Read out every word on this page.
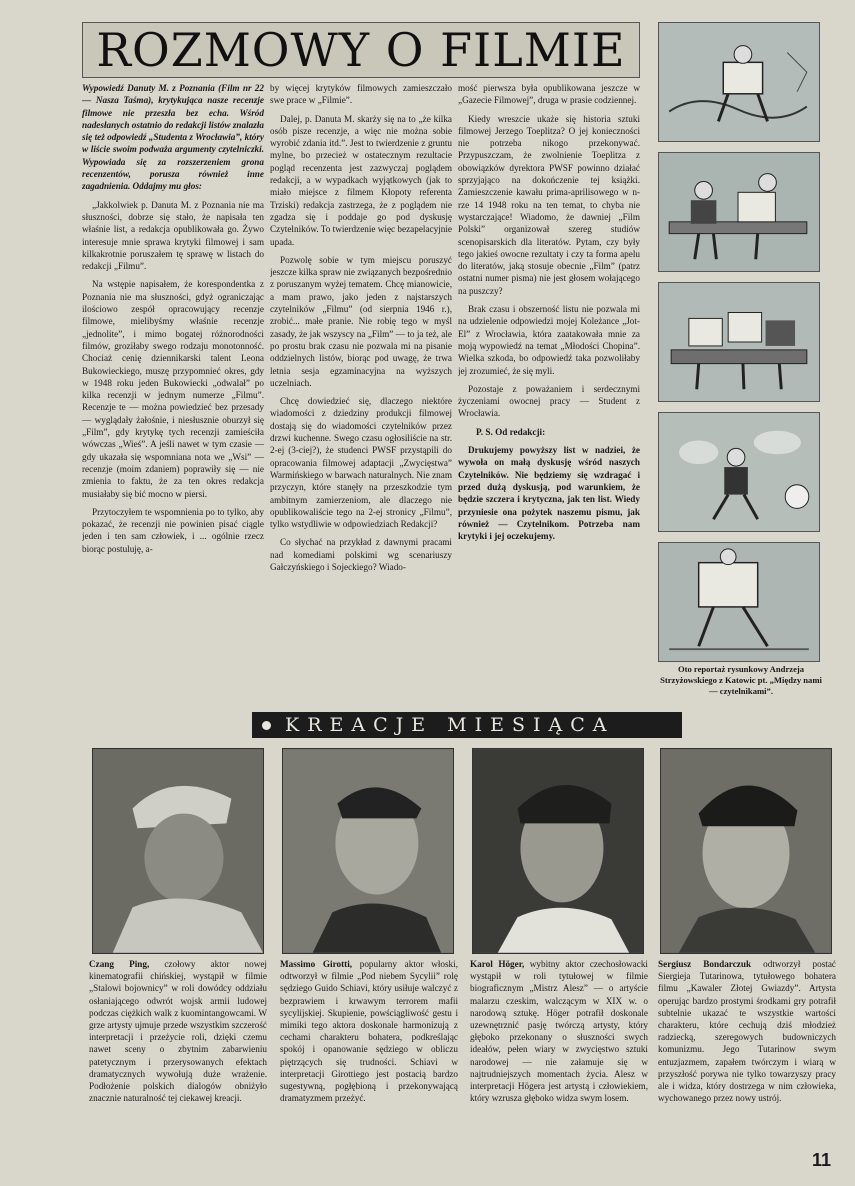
ROZMOWY O FILMIE

Wypowiedź Danuty M. z Poznania (Film nr 22 — Nasza Taśma), krytykująca nasze recenzje filmowe nie przeszła bez echa. Wśród nadesłanych ostatnio do redakcji listów znalazła się też odpowiedź „Studenta z Wrocławia”, który w liście swoim podważa argumenty czytelniczki. Wypowiada się za rozszerzeniem grona recenzentów, porusza również inne zagadnienia. Oddajmy mu głos:

„Jakkolwiek p. Danuta M. z Poznania nie ma słuszności, dobrze się stało, że napisała ten właśnie list, a redakcja opublikowała go. Żywo interesuje mnie sprawa krytyki filmowej i sam kilkakrotnie poruszałem tę sprawę w listach do redakcji „Filmu”.

Na wstępie napisałem, że korespondentka z Poznania nie ma słuszności, gdyż ograniczając ilościowo zespół opracowujący recenzje filmowe, mielibyśmy właśnie recenzje „jednolite”, i mimo bogatej różnorodności filmów, groziłaby swego rodzaju monotonność. Chociaż cenię dziennikarski talent Leona Bukowieckiego, muszę przypomnieć okres, gdy w 1948 roku jeden Bukowiecki „odwalał” po kilka recenzji w jednym numerze „Filmu”. Recenzje te — można powiedzieć bez przesady — wyglądały żałośnie, i niesłusznie oburzył się „Film”, gdy krytykę tych recenzji zamieściła wówczas „Wieś”. A jeśli nawet w tym czasie — gdy ukazała się wspomniana nota we „Wsi” — recenzje (moim zdaniem) poprawiły się — nie zmienia to faktu, że za ten okres redakcja musiałaby się bić mocno w piersi.

Przytoczyłem te wspomnienia po to tylko, aby pokazać, że recenzji nie powinien pisać ciągle jeden i ten sam człowiek, i ... ogólnie rzecz biorąc postuluję, a-

by więcej krytyków filmowych zamieszczało swe prace w „Filmie”.

Dalej, p. Danuta M. skarży się na to „że kilka osób pisze recenzje, a więc nie można sobie wyrobić zdania itd.”. Jest to twierdzenie z gruntu mylne, bo przecież w ostatecznym rezultacie pogląd recenzenta jest zazwyczaj poglądem redakcji, a w wypadkach wyjątkowych (jak to miało miejsce z filmem Kłopoty referenta Trziski) redakcja zastrzega, że z poglądem nie zgadza się i poddaje go pod dyskusję Czytelników. To twierdzenie więc bezapelacyjnie upada.

Pozwolę sobie w tym miejscu poruszyć jeszcze kilka spraw nie związanych bezpośrednio z poruszanym wyżej tematem. Chcę mianowicie, a mam prawo, jako jeden z najstarszych czytelników „Filmu” (od sierpnia 1946 r.), zrobić... małe pranie. Nie robię tego w myśl zasady, że jak wszyscy na „Film” — to ja też, ale po prostu brak czasu nie pozwala mi na pisanie oddzielnych listów, biorąc pod uwagę, że trwa letnia sesja egzaminacyjna na wyższych uczelniach.

Chcę dowiedzieć się, dlaczego niektóre wiadomości z dziedziny produkcji filmowej dostają się do wiadomości czytelników przez drzwi kuchenne. Swego czasu ogłosiliście na str. 2-ej (3-ciej?), że studenci PWSF przystąpili do opracowania filmowej adaptacji „Zwycięstwa” Warmińskiego w barwach naturalnych. Nie znam przyczyn, które stanęły na przeszkodzie tym ambitnym zamierzeniom, ale dlaczego nie opublikowaliście tego na 2-ej stronicy „Filmu”, tylko wstydliwie w odpowiedziach Redakcji?

Co słychać na przykład z dawnymi pracami nad komediami polskimi wg scenariuszy Gałczyńskiego i Sojeckiego? Wiado-

mość pierwsza była opublikowana jeszcze w „Gazecie Filmowej”, druga w prasie codziennej.

Kiedy wreszcie ukaże się historia sztuki filmowej Jerzego Toeplitza? O jej konieczności nie potrzeba nikogo przekonywać. Przypuszczam, że zwolnienie Toeplitza z obowiązków dyrektora PWSF powinno działać sprzyjająco na dokończenie tej książki. Zamieszczenie kawału prima-aprilisowego w n-rze 14 1948 roku na ten temat, to chyba nie wystarczające! Wiadomo, że dawniej „Film Polski” organizował szereg studiów scenopisarskich dla literatów. Pytam, czy były tego jakieś owocne rezultaty i czy ta forma apelu do literatów, jaką stosuje obecnie „Film” (patrz ostatni numer pisma) nie jest głosem wołającego na puszczy?

Brak czasu i obszerność listu nie pozwala mi na udzielenie odpowiedzi mojej Koleżance „Jot-El” z Wrocławia, która zaatakowała mnie za moją wypowiedź na temat „Młodości Chopina”. Wielka szkoda, bo odpowiedź taka pozwoliłaby jej zrozumieć, że się myli.

Pozostaje z poważaniem i serdecznymi życzeniami owocnej pracy — Student z Wrocławia.

P. S. Od redakcji:

Drukujemy powyższy list w nadziei, że wywoła on małą dyskusję wśród naszych Czytelników. Nie będziemy się wzdragać i przed dużą dyskusją, pod warunkiem, że będzie szczera i krytyczna, jak ten list. Wiedy przyniesie ona pożytek naszemu pismu, jak również — Czytelnikom. Potrzeba nam krytyki i jej oczekujemy.

Oto reportaż rysunkowy Andrzeja Strzyżowskiego z Katowic pt. „Między nami — czytelnikami”.
KREACJE MIESIĄCA
Czang Ping, czołowy aktor nowej kinematografii chińskiej, wystąpił w filmie „Stalowi bojownicy” w roli dowódcy oddziału osłaniającego odwrót wojsk armii ludowej podczas ciężkich walk z kuomintangowcami. W grze artysty ujmuje przede wszystkim szczerość interpretacji i przeżycie roli, dzięki czemu nawet sceny o zbytnim zabarwieniu patetycznym i przerysowanych efektach dramatycznych wywołują duże wrażenie. Podłożenie polskich dialogów obniżyło znacznie naturalność tej ciekawej kreacji.
Massimo Girotti, popularny aktor włoski, odtworzył w filmie „Pod niebem Sycylii” rolę sędziego Guido Schiavi, który usiłuje walczyć z bezprawiem i krwawym terrorem mafii sycylijskiej. Skupienie, powściągliwość gestu i mimiki tego aktora doskonale harmonizują z cechami charakteru bohatera, podkreślając spokój i opanowanie sędziego w obliczu piętrzących się trudności. Schiavi w interpretacji Girottiego jest postacią bardzo sugestywną, pogłębioną i przekonywającą dramatyzmem przeżyć.
Karol Höger, wybitny aktor czechosłowacki wystąpił w roli tytułowej w filmie biograficznym „Mistrz Alesz” — o artyście malarzu czeskim, walczącym w XIX w. o narodową sztukę. Höger potrafił doskonale uzewnętrznić pasję twórczą artysty, który głęboko przekonany o słuszności swych ideałów, pełen wiary w zwycięstwo sztuki narodowej — nie załamuje się w najtrudniejszych momentach życia. Alesz w interpretacji Högera jest artystą i człowiekiem, który wzrusza głęboko widza swym losem.
Sergiusz Bondarczuk odtworzył postać Siergieja Tutarinowa, tytułowego bohatera filmu „Kawaler Złotej Gwiazdy”. Artysta operując bardzo prostymi środkami gry potrafił subtelnie ukazać te wszystkie wartości charakteru, które cechują dziś młodzież radziecką, szeregowych budowniczych komunizmu. Jego Tutarinow swym entuzjazmem, zapałem twórczym i wiarą w przyszłość porywa nie tylko towarzyszy pracy ale i widza, który dostrzega w nim człowieka, wychowanego przez nowy ustrój.
11
